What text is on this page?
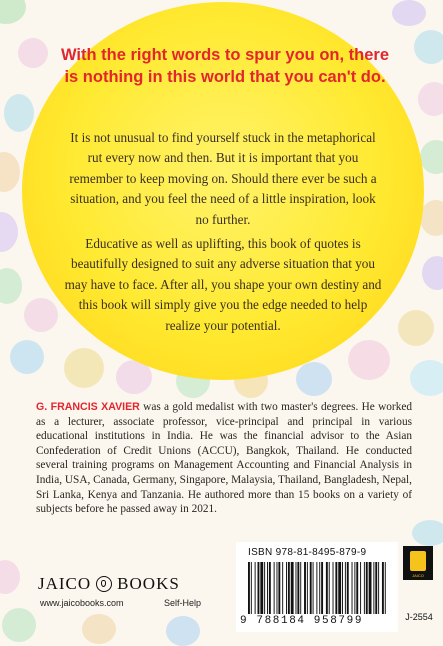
With the right words to spur you on, there is nothing in this world that you can't do.

It is not unusual to find yourself stuck in the metaphorical rut every now and then. But it is important that you remember to keep moving on. Should there ever be such a situation, and you feel the need of a little inspiration, look no further.

Educative as well as uplifting, this book of quotes is beautifully designed to suit any adverse situation that you may have to face. After all, you shape your own destiny and this book will simply give you the edge needed to help realize your potential.

G. FRANCIS XAVIER was a gold medalist with two master's degrees. He worked as a lecturer, associate professor, vice-principal and principal in various educational institutions in India. He was the financial advisor to the Asian Confederation of Credit Unions (ACCU), Bangkok, Thailand. He conducted several training programs on Management Accounting and Financial Analysis in India, USA, Canada, Germany, Singapore, Malaysia, Thailand, Bangladesh, Nepal, Sri Lanka, Kenya and Tanzania. He authored more than 15 books on a variety of subjects before he passed away in 2021.

JAICO BOOKS
www.jaicobooks.com	Self-Help
ISBN 978-81-8495-879-9
9 788184 958799
JAICO
J-2554
